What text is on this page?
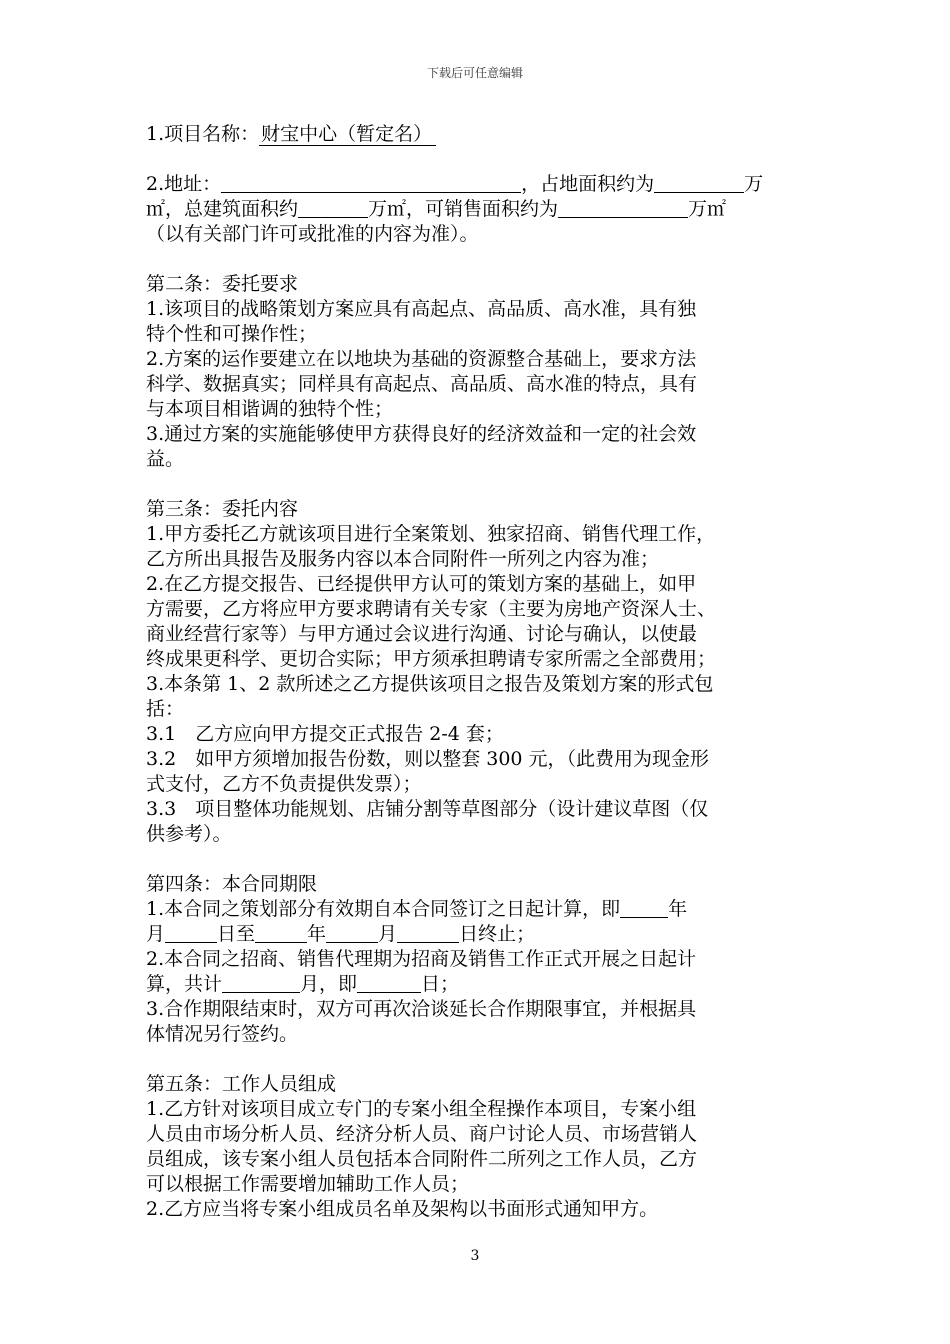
下载后可任意编辑

1.项目名称： 财宝中心（暂定名）

2.地址：	，占地面积约为	万

㎡，总建筑面积约	万㎡，可销售面积约为	万㎡

（以有关部门许可或批准的内容为准）。

第二条：委托要求

1.该项目的战略策划方案应具有高起点、高品质、高水准，具有独

特个性和可操作性；

2.方案的运作要建立在以地块为基础的资源整合基础上，要求方法

科学、数据真实；同样具有高起点、高品质、高水准的特点，具有

与本项目相谐调的独特个性；

3.通过方案的实施能够使甲方获得良好的经济效益和一定的社会效

益。

第三条：委托内容

1.甲方委托乙方就该项目进行全案策划、独家招商、销售代理工作，

乙方所出具报告及服务内容以本合同附件一所列之内容为准；

2.在乙方提交报告、已经提供甲方认可的策划方案的基础上，如甲

方需要，乙方将应甲方要求聘请有关专家（主要为房地产资深人士、

商业经营行家等）与甲方通过会议进行沟通、讨论与确认，以使最

终成果更科学、更切合实际；甲方须承担聘请专家所需之全部费用；

3.本条第 1、2 款所述之乙方提供该项目之报告及策划方案的形式包

括：

3.1　乙方应向甲方提交正式报告 2-4 套；

3.2　如甲方须增加报告份数，则以整套 300 元，（此费用为现金形

式支付，乙方不负责提供发票）；

3.3　项目整体功能规划、店铺分割等草图部分（设计建议草图（仅

供参考）。

第四条：本合同期限

1.本合同之策划部分有效期自本合同签订之日起计算，即	年

月	日至	年	月	日终止；

2.本合同之招商、销售代理期为招商及销售工作正式开展之日起计

算，共计	月，即	日；

3.合作期限结束时，双方可再次洽谈延长合作期限事宜，并根据具

体情况另行签约。

第五条：工作人员组成

1.乙方针对该项目成立专门的专案小组全程操作本项目，专案小组

人员由市场分析人员、经济分析人员、商户讨论人员、市场营销人

员组成，该专案小组人员包括本合同附件二所列之工作人员，乙方

可以根据工作需要增加辅助工作人员；

2.乙方应当将专案小组成员名单及架构以书面形式通知甲方。

3
